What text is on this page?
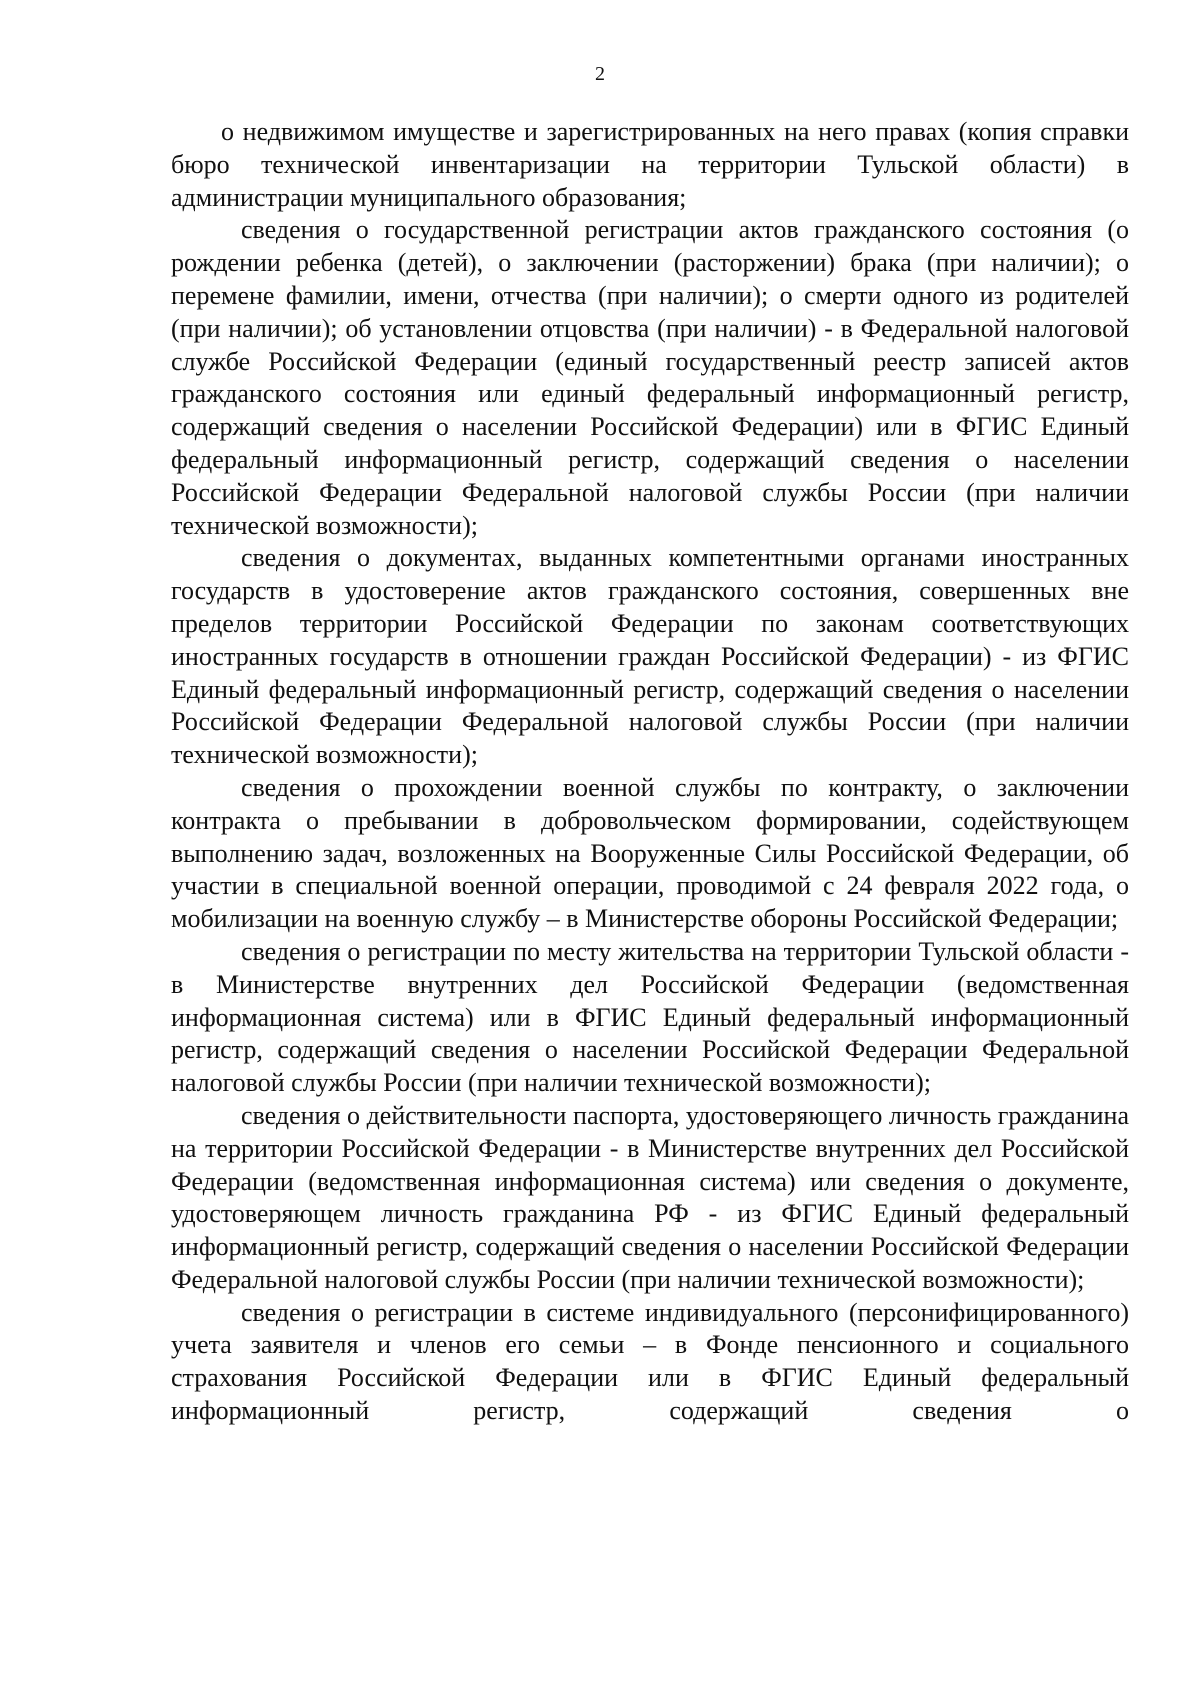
2

о недвижимом имуществе и зарегистрированных на него правах (копия справки бюро технической инвентаризации на территории Тульской области) в администрации муниципального образования;

сведения о государственной регистрации актов гражданского состояния (о рождении ребенка (детей), о заключении (расторжении) брака (при наличии); о перемене фамилии, имени, отчества (при наличии); о смерти одного из родителей (при наличии); об установлении отцовства (при наличии) - в Федеральной налоговой службе Российской Федерации (единый государственный реестр записей актов гражданского состояния или единый федеральный информационный регистр, содержащий сведения о населении Российской Федерации) или в ФГИС Единый федеральный информационный регистр, содержащий сведения о населении Российской Федерации Федеральной налоговой службы России (при наличии технической возможности);

сведения о документах, выданных компетентными органами иностранных государств в удостоверение актов гражданского состояния, совершенных вне пределов территории Российской Федерации по законам соответствующих иностранных государств в отношении граждан Российской Федерации) - из ФГИС Единый федеральный информационный регистр, содержащий сведения о населении Российской Федерации Федеральной налоговой службы России (при наличии технической возможности);

сведения о прохождении военной службы по контракту, о заключении контракта о пребывании в добровольческом формировании, содействующем выполнению задач, возложенных на Вооруженные Силы Российской Федерации, об участии в специальной военной операции, проводимой с 24 февраля 2022 года, о мобилизации на военную службу – в Министерстве обороны Российской Федерации;

сведения о регистрации по месту жительства на территории Тульской области - в Министерстве внутренних дел Российской Федерации (ведомственная информационная система) или в ФГИС Единый федеральный информационный регистр, содержащий сведения о населении Российской Федерации Федеральной налоговой службы России (при наличии технической возможности);

сведения о действительности паспорта, удостоверяющего личность гражданина на территории Российской Федерации - в Министерстве внутренних дел Российской Федерации (ведомственная информационная система) или сведения о документе, удостоверяющем личность гражданина РФ - из ФГИС Единый федеральный информационный регистр, содержащий сведения о населении Российской Федерации Федеральной налоговой службы России (при наличии технической возможности);

сведения о регистрации в системе индивидуального (персонифицированного) учета заявителя и членов его семьи – в Фонде пенсионного и социального страхования Российской Федерации или в ФГИС Единый федеральный информационный регистр, содержащий сведения о
